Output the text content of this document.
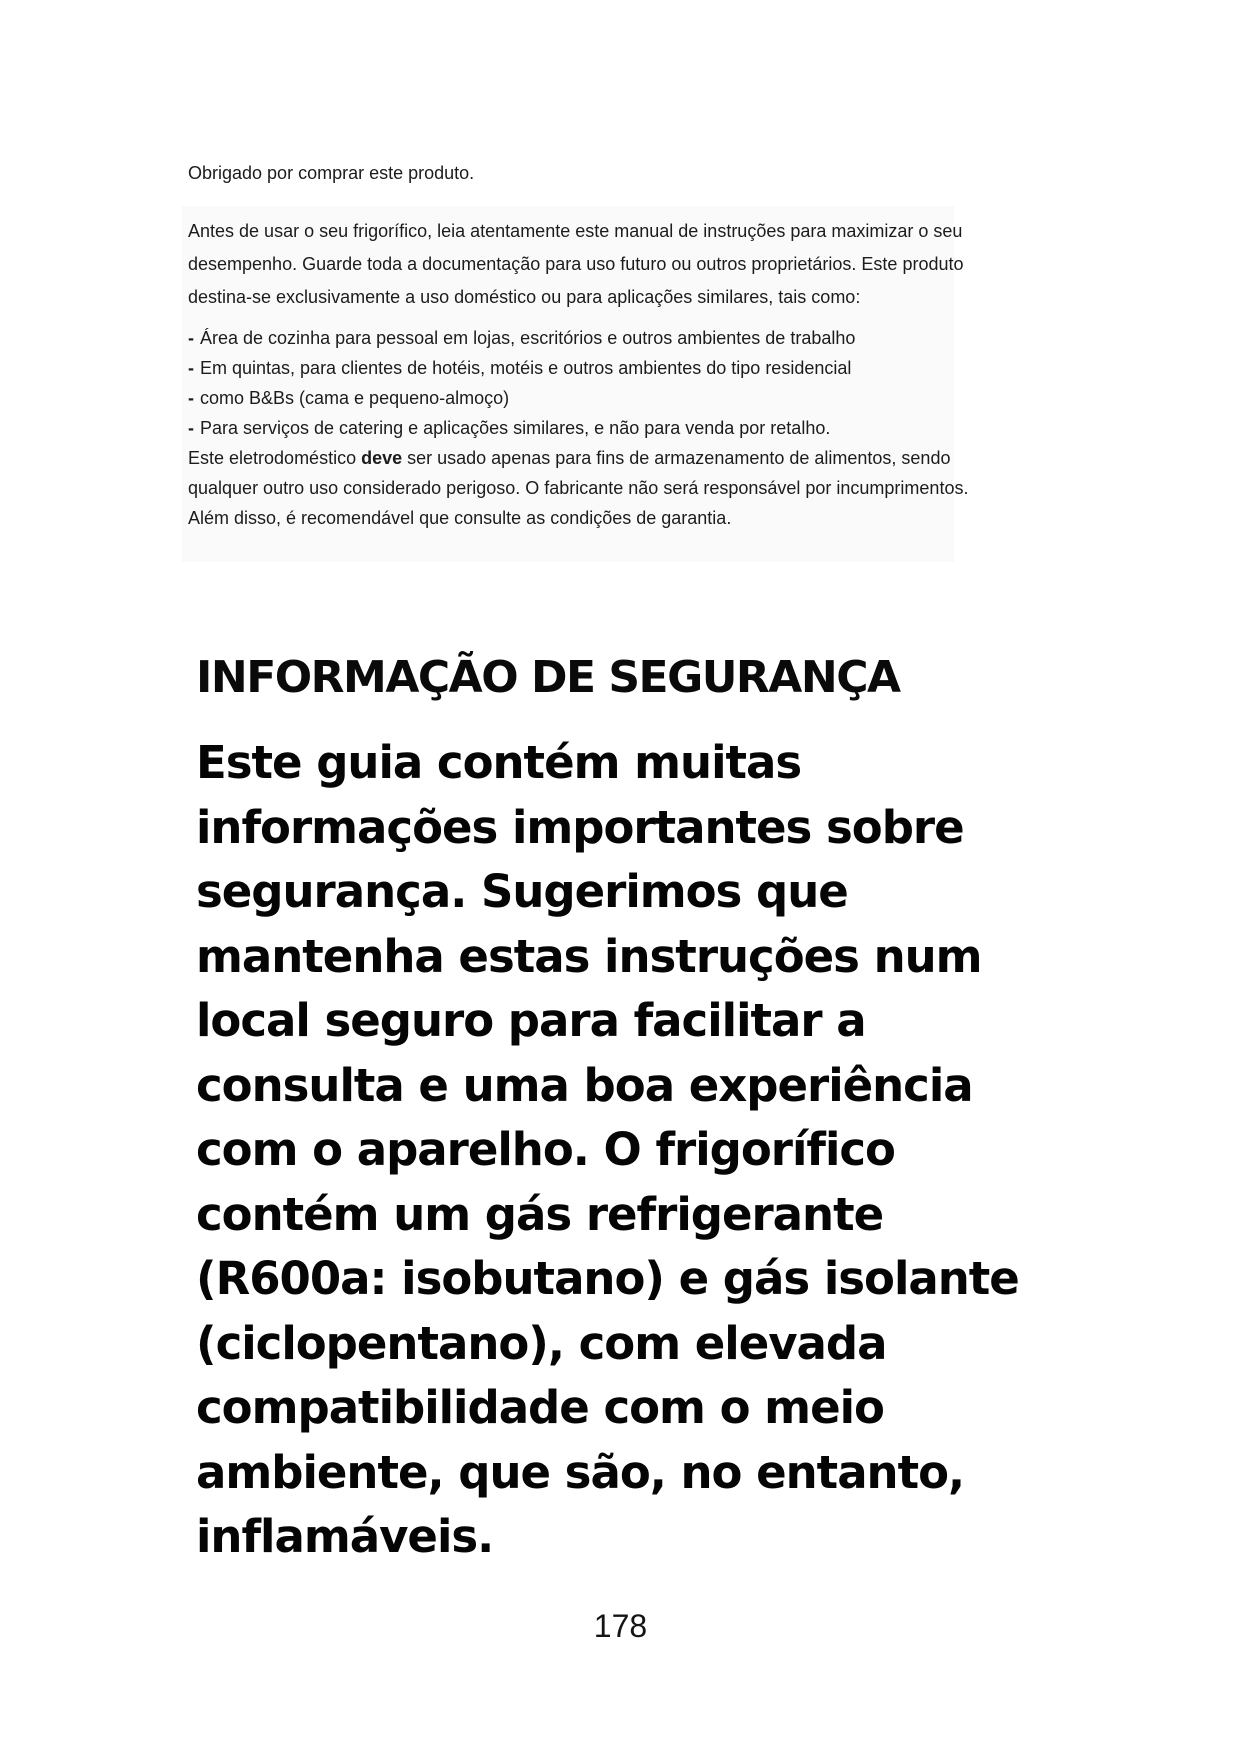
Obrigado por comprar este produto.

Antes de usar o seu frigorífico, leia atentamente este manual de instruções para maximizar o seu desempenho. Guarde toda a documentação para uso futuro ou outros proprietários. Este produto destina-se exclusivamente a uso doméstico ou para aplicações similares, tais como:

- Área de cozinha para pessoal em lojas, escritórios e outros ambientes de trabalho
- Em quintas, para clientes de hotéis, motéis e outros ambientes do tipo residencial
- como B&Bs (cama e pequeno-almoço)
- Para serviços de catering e aplicações similares, e não para venda por retalho.

Este eletrodoméstico deve ser usado apenas para fins de armazenamento de alimentos, sendo qualquer outro uso considerado perigoso. O fabricante não será responsável por incumprimentos. Além disso, é recomendável que consulte as condições de garantia.

INFORMAÇÃO DE SEGURANÇA
Este guia contém muitas
informações importantes sobre
segurança. Sugerimos que
mantenha estas instruções num
local seguro para facilitar a
consulta e uma boa experiência
com o aparelho. O frigorífico
contém um gás refrigerante
(R600a: isobutano) e gás isolante
(ciclopentano), com elevada
compatibilidade com o meio
ambiente, que são, no entanto,
inflamáveis.
178
